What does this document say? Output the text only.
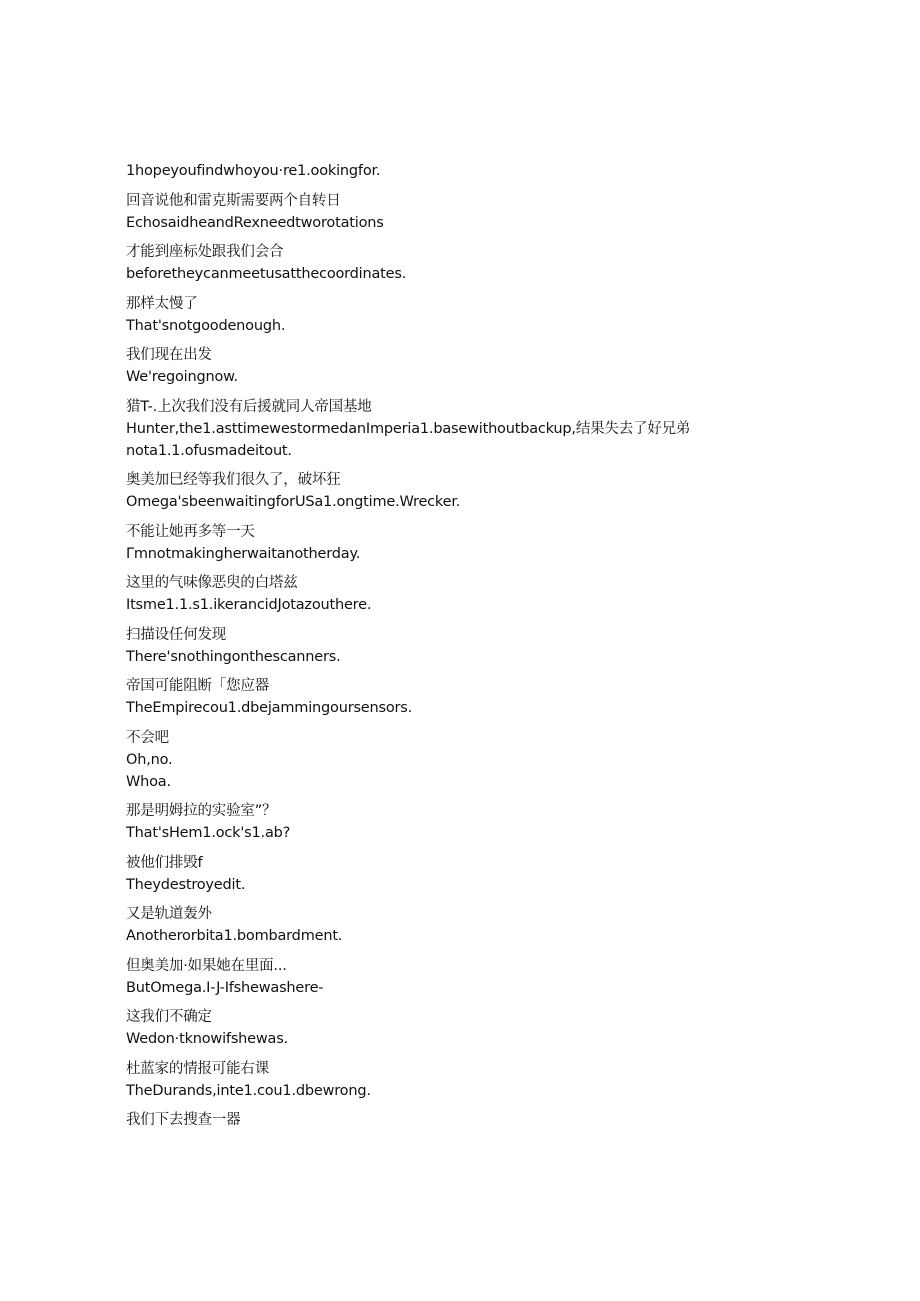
1hopeyoufindwhoyou·re1.ookingfor.
回音说他和雷克斯需要两个自转日
EchosaidheandRexneedtworotations
才能到座标处跟我们会合
beforetheycanmeetusatthecoordinates.
那样太慢了
That'snotgoodenough.
我们现在出发
We'regoingnow.
猎T-.上次我们没有后援就同人帝国基地
Hunter,the1.asttimewestormedanImperia1.basewithoutbackup,结果失去了好兄弟
nota1.1.ofusmadeitout.
奥美加巳经等我们很久了，破坏狂
Omega'sbeenwaitingforUSa1.ongtime.Wrecker.
不能让她再多等一天
Γmnotmakingherwaitanotherday.
这里的气味像恶臾的白塔兹
Itsme1.1.s1.ikerancidJotazouthere.
扫描设任何发现
There'snothingonthescanners.
帝国可能阻断「您应器
TheEmpirecou1.dbejammingoursensors.
不会吧
Oh,no.
Whoa.
那是明姆拉的实验室”？
That'sHem1.ock's1.ab?
被他们排毁f
Theydestroyedit.
又是轨道轰外
Anotherorbita1.bombardment.
但奥美加·如果她在里面...
ButOmega.I-J-Ifshewashere-
这我们不确定
Wedon·tknowifshewas.
杜蓝家的情报可能右课
TheDurands,inte1.cou1.dbewrong.
我们下去搜查一器
